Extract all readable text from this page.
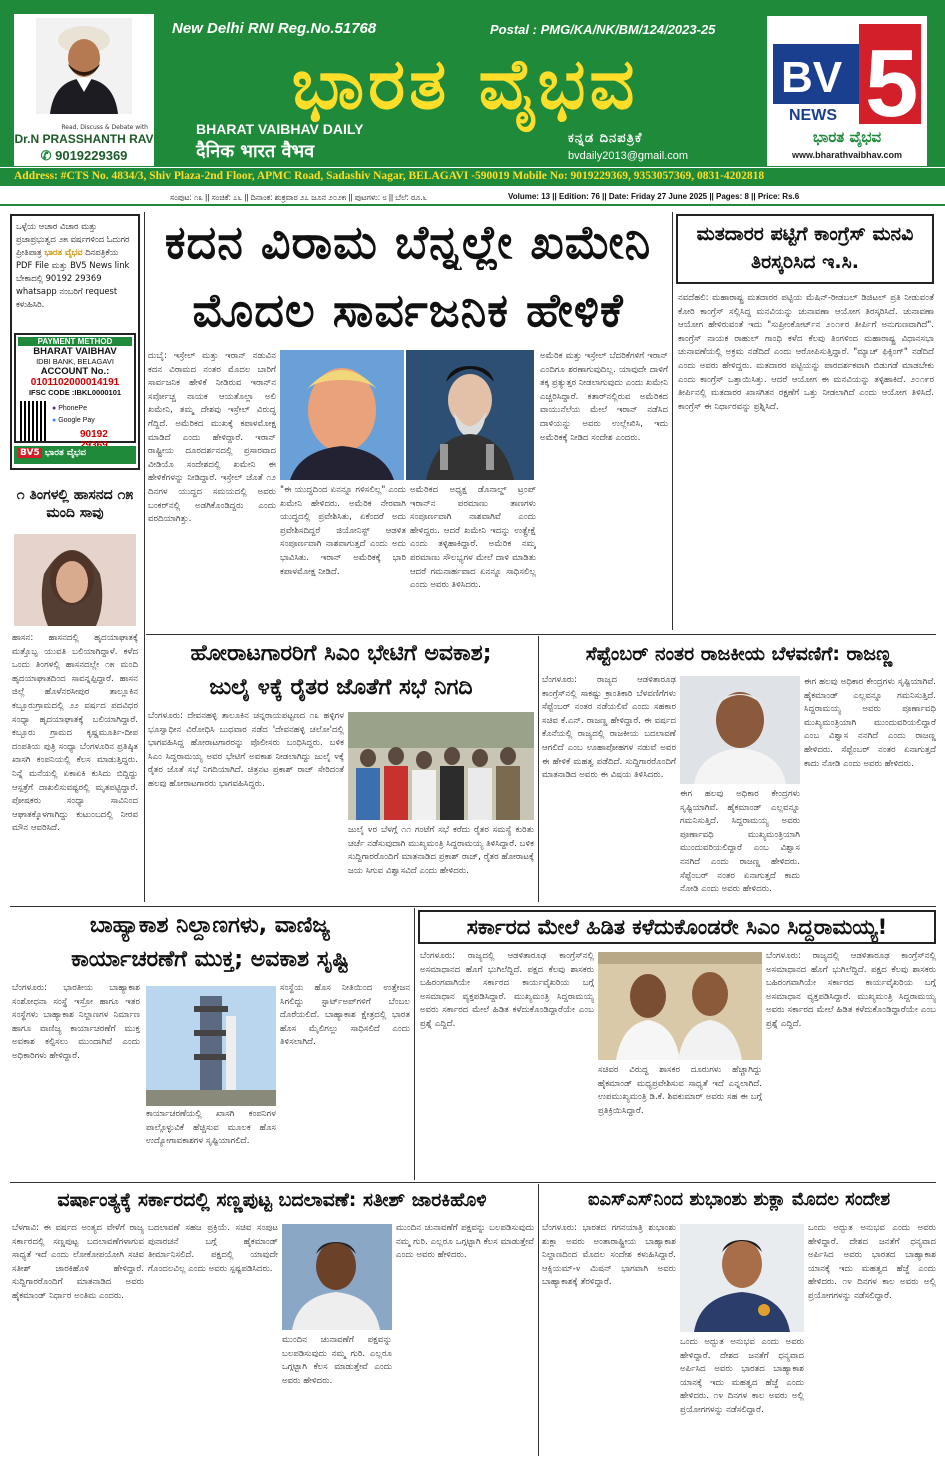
Read, Discuss & Debate with
Dr.N PRASSHANTH RAV
✆ 9019229369
New Delhi RNI Reg.No.51768	Postal : PMG/KA/NK/BM/124/2023-25
ಭಾರತ ವೈಭವ
BHARAT VAIBHAV DAILY
दैनिक भारत वैभव
ಕನ್ನಡ ದಿನಪತ್ರಿಕೆ
bvdaily2013@gmail.com
BV 5
NEWS
ಭಾರತ ವೈಭವ
www.bharathvaibhav.com
Address: #CTS No. 4834/3, Shiv Plaza-2nd Floor, APMC Road, Sadashiv Nagar, BELAGAVI -590019 Mobile No: 9019229369, 9353057369, 0831-4202818
ಸಂಪುಟ: ೧೩ || ಸಂಚಿಕೆ: ೭೬ || ದಿನಾಂಕ: ಶುಕ್ರವಾರ ೨೭ ಜೂನ ೨೦೨೫ || ಪುಟಗಳು: ೮ || ಬೆಲೆ: ರೂ.೬	Volume: 13 || Edition: 76 || Date: Friday 27 June 2025 || Pages: 8 || Price: Rs.6
ಒಳ್ಳೆಯ ಆಚಾರ ವಿಚಾರ ಮತ್ತು ಪ್ರಜಾಪ್ರಭುತ್ವದ ೨೫ ವರ್ಷಗಳಿಂದ ಓದುಗರ ಪ್ರೀತಿಪಾತ್ರ ಭಾರತ ವೈಭವ ದಿನಪತ್ರಿಕೆಯ PDF File ಮತ್ತು BV5 News link ಬೇಕಾದಲ್ಲಿ 90192 29369 whatsapp ನಂಬರಿಗೆ request ಕಳುಹಿಸಿರಿ.
PAYMENT METHOD
BHARAT VAIBHAV
IDBI BANK, BELAGAVI
ACCOUNT No.:
0101102000014191
IFSC CODE :IBKL0000101
● PhonePe
● Google Pay
90192
BV5 ಭಾರತ ವೈಭವ
೧ ತಿಂಗಳಲ್ಲಿ ಹಾಸನದ ೧೫ ಮಂದಿ ಸಾವು
ಹಾಸನ: ಹಾಸನದಲ್ಲಿ ಹೃದಯಾಘಾತಕ್ಕೆ ಮತ್ತೊಬ್ಬ ಯುವತಿ ಬಲಿಯಾಗಿದ್ದಾಳೆ. ಕಳೆದ ಒಂದು ತಿಂಗಳಲ್ಲಿ ಹಾಸನದಲ್ಲೇ ೧೫ ಮಂದಿ ಹೃದಯಾಘಾತದಿಂದ ಸಾವನ್ನಪ್ಪಿದ್ದಾರೆ. ಹಾಸನ ಜಿಲ್ಲೆ ಹೊಳೆನರಸೀಪುರ ತಾಲ್ಲೂಕಿನ ಕಬ್ಬೂರುಗ್ರಾಮದಲ್ಲಿ ೨೨ ವರ್ಷದ ಪದವಿಧರ ಸಂಧ್ಯಾ ಹೃದಯಾಘಾತಕ್ಕೆ ಬಲಿಯಾಗಿದ್ದಾರೆ. ಕಬ್ಬೂರು ಗ್ರಾಮದ ಕೃಷ್ಣಮೂರ್ತಿ-ದೀಪ ದಂಪತಿಯ ಪುತ್ರಿ ಸಂಧ್ಯಾ ಬೆಂಗಳೂರಿನ ಪ್ರತಿಷ್ಠಿತ ಖಾಸಗಿ ಕಂಪನಿಯಲ್ಲಿ ಕೆಲಸ ಮಾಡುತ್ತಿದ್ದರು. ನಿನ್ನೆ ಮನೆಯಲ್ಲಿ ಏಕಾಏಕಿ ಕುಸಿದು ಬಿದ್ದಿದ್ದು ಆಸ್ಪತ್ರೆಗೆ ದಾಖಲಿಸುವಷ್ಟರಲ್ಲಿ ಮೃತಪಟ್ಟಿದ್ದಾರೆ. ಪೋಷಕರು ಸಂಧ್ಯಾ ಸಾವಿನಿಂದ ಆಘಾತಕ್ಕೊಳಗಾಗಿದ್ದು ಕುಟುಂಬದಲ್ಲಿ ನೀರವ ಮೌನ ಆವರಿಸಿದೆ.
ಕದನ ವಿರಾಮ ಬೆನ್ನಲ್ಲೇ ಖಮೇನಿ
ಮೊದಲ ಸಾರ್ವಜನಿಕ ಹೇಳಿಕೆ
ದುಬೈ: ಇಸ್ರೇಲ್ ಮತ್ತು ಇರಾನ್ ನಡುವಿನ ಕದನ ವಿರಾಮದ ನಂತರ ಮೊದಲ ಬಾರಿಗೆ ಸಾರ್ವಜನಿಕ ಹೇಳಿಕೆ ನೀಡಿರುವ ಇರಾನ್‌ನ ಸರ್ವೋಚ್ಚ ನಾಯಕ ಆಯತೊಲ್ಲಾ ಅಲಿ ಖಮೇನಿ, ತಮ್ಮ ದೇಶವು ಇಸ್ರೇಲ್ ವಿರುದ್ಧ ಗೆದ್ದಿದೆ. ಅಮೆರಿಕದ ಮುಖಕ್ಕೆ ಕಪಾಳಮೋಕ್ಷ ಮಾಡಿದೆ ಎಂದು ಹೇಳಿದ್ದಾರೆ. ಇರಾನ್ ರಾಷ್ಟ್ರೀಯ ದೂರದರ್ಶನದಲ್ಲಿ ಪ್ರಸಾರವಾದ ವೀಡಿಯೊ ಸಂದೇಶದಲ್ಲಿ ಖಮೇನಿ ಈ ಹೇಳಿಕೆಗಳನ್ನು ನೀಡಿದ್ದಾರೆ. ಇಸ್ರೇಲ್ ಜೊತೆ ೧೨ ದಿನಗಳ ಯುದ್ಧದ ಸಮಯದಲ್ಲಿ ಅವರು ಬಂಕರ್‌ನಲ್ಲಿ ಅಡಗಿಕೊಂಡಿದ್ದರು ಎಂದು ವರದಿಯಾಗಿತ್ತು.
"ಈ ಯುದ್ಧದಿಂದ ಏನನ್ನೂ ಗಳಿಸಲಿಲ್ಲ" ಎಂದು ಖಮೇನಿ ಹೇಳಿದರು. ಅಮೆರಿಕ ನೇರವಾಗಿ ಯುದ್ಧದಲ್ಲಿ ಪ್ರವೇಶಿಸಿತು, ಏಕೆಂದರೆ ಅದು ಪ್ರವೇಶಿಸದಿದ್ದರೆ ಜಿಯೋನಿಸ್ಟ್ ಆಡಳಿತ ಸಂಪೂರ್ಣವಾಗಿ ನಾಶವಾಗುತ್ತದೆ ಎಂದು ಅದು ಭಾವಿಸಿತು. ಇರಾನ್ ಅಮೆರಿಕಕ್ಕೆ ಭಾರಿ ಕಪಾಳಮೋಕ್ಷ ನೀಡಿದೆ.
ಅಮೆರಿಕದ ಅಧ್ಯಕ್ಷ ಡೊನಾಲ್ಡ್ ಟ್ರಂಪ್ ಇರಾನ್‌ನ ಪರಮಾಣು ತಾಣಗಳು ಸಂಪೂರ್ಣವಾಗಿ ನಾಶವಾಗಿವೆ ಎಂದು ಹೇಳಿದ್ದರು. ಆದರೆ ಖಮೇನಿ ಇದನ್ನು ಉತ್ಪ್ರೇಕ್ಷೆ ಎಂದು ತಳ್ಳಿಹಾಕಿದ್ದಾರೆ. ಅಮೆರಿಕ ನಮ್ಮ ಪರಮಾಣು ಸೌಲಭ್ಯಗಳ ಮೇಲೆ ದಾಳಿ ಮಾಡಿತು ಆದರೆ ಗಮನಾರ್ಹವಾದ ಏನನ್ನೂ ಸಾಧಿಸಲಿಲ್ಲ ಎಂದು ಅವರು ತಿಳಿಸಿದರು.
ಅಮೆರಿಕ ಮತ್ತು ಇಸ್ರೇಲ್ ಬೆದರಿಕೆಗಳಿಗೆ ಇರಾನ್ ಎಂದಿಗೂ ಶರಣಾಗುವುದಿಲ್ಲ. ಯಾವುದೇ ದಾಳಿಗೆ ತಕ್ಕ ಪ್ರತ್ಯುತ್ತರ ನೀಡಲಾಗುವುದು ಎಂದು ಖಮೇನಿ ಎಚ್ಚರಿಸಿದ್ದಾರೆ. ಕತಾರ್‌ನಲ್ಲಿರುವ ಅಮೆರಿಕದ ವಾಯುನೆಲೆಯ ಮೇಲೆ ಇರಾನ್ ನಡೆಸಿದ ದಾಳಿಯನ್ನು ಅವರು ಉಲ್ಲೇಖಿಸಿ, ಇದು ಅಮೆರಿಕಕ್ಕೆ ನೀಡಿದ ಸಂದೇಶ ಎಂದರು.
ಮತದಾರರ ಪಟ್ಟಿಗೆ ಕಾಂಗ್ರೆಸ್ ಮನವಿ ತಿರಸ್ಕರಿಸಿದ ಇ.ಸಿ.
ನವದೆಹಲಿ: ಮಹಾರಾಷ್ಟ್ರ ಮತದಾರರ ಪಟ್ಟಿಯ ಮೆಷಿನ್-ರೀಡಬಲ್ ಡಿಜಿಟಲ್ ಪ್ರತಿ ನೀಡುವಂತೆ ಕೋರಿ ಕಾಂಗ್ರೆಸ್ ಸಲ್ಲಿಸಿದ್ದ ಮನವಿಯನ್ನು ಚುನಾವಣಾ ಆಯೋಗ ತಿರಸ್ಕರಿಸಿದೆ. ಚುನಾವಣಾ ಆಯೋಗ ಹೇಳಿರುವಂತೆ ಇದು "ಸುಪ್ರೀಂಕೋರ್ಟ್‌ನ ೨೦೧೯ರ ತೀರ್ಪಿಗೆ ಅನುಗುಣವಾಗಿದೆ". ಕಾಂಗ್ರೆಸ್ ನಾಯಕ ರಾಹುಲ್ ಗಾಂಧಿ ಕಳೆದ ಕೆಲವು ತಿಂಗಳಿಂದ ಮಹಾರಾಷ್ಟ್ರ ವಿಧಾನಸಭಾ ಚುನಾವಣೆಯಲ್ಲಿ ಅಕ್ರಮ ನಡೆದಿದೆ ಎಂದು ಆರೋಪಿಸುತ್ತಿದ್ದಾರೆ. "ಮ್ಯಾಚ್ ಫಿಕ್ಸಿಂಗ್" ನಡೆದಿದೆ ಎಂದು ಅವರು ಹೇಳಿದ್ದರು. ಮತದಾರರ ಪಟ್ಟಿಯನ್ನು ಪಾರದರ್ಶಕವಾಗಿ ಬಿಡುಗಡೆ ಮಾಡಬೇಕು ಎಂದು ಕಾಂಗ್ರೆಸ್ ಒತ್ತಾಯಿಸಿತ್ತು. ಆದರೆ ಆಯೋಗ ಈ ಮನವಿಯನ್ನು ತಳ್ಳಿಹಾಕಿದೆ. ೨೦೧೯ರ ತೀರ್ಪಿನಲ್ಲಿ ಮತದಾರರ ಖಾಸಗಿತನ ರಕ್ಷಣೆಗೆ ಒತ್ತು ನೀಡಲಾಗಿದೆ ಎಂದು ಆಯೋಗ ತಿಳಿಸಿದೆ. ಕಾಂಗ್ರೆಸ್ ಈ ನಿರ್ಧಾರವನ್ನು ಪ್ರಶ್ನಿಸಿದೆ.
ಹೋರಾಟಗಾರರಿಗೆ ಸಿಎಂ ಭೇಟಿಗೆ ಅವಕಾಶ;
ಜುಲೈ ೪ಕ್ಕೆ ರೈತರ ಜೊತೆಗೆ ಸಭೆ ನಿಗದಿ
ಬೆಂಗಳೂರು: ದೇವನಹಳ್ಳಿ ತಾಲೂಕಿನ ಚನ್ನರಾಯಪಟ್ಟಣದ ೧೩ ಹಳ್ಳಿಗಳ ಭೂಸ್ವಾಧೀನ ವಿರೋಧಿಸಿ ಬುಧವಾರ ನಡೆದ 'ದೇವನಹಳ್ಳಿ ಚಲೋ'ದಲ್ಲಿ ಭಾಗವಹಿಸಿದ್ದ ಹೋರಾಟಗಾರರನ್ನು ಪೊಲೀಸರು ಬಂಧಿಸಿದ್ದರು. ಬಳಿಕ ಸಿಎಂ ಸಿದ್ದರಾಮಯ್ಯ ಅವರ ಭೇಟಿಗೆ ಅವಕಾಶ ನೀಡಲಾಗಿದ್ದು ಜುಲೈ ೪ಕ್ಕೆ ರೈತರ ಜೊತೆ ಸಭೆ ನಿಗದಿಯಾಗಿದೆ. ಚಿತ್ರನಟ ಪ್ರಕಾಶ್ ರಾಜ್ ಸೇರಿದಂತೆ ಹಲವು ಹೋರಾಟಗಾರರು ಭಾಗವಹಿಸಿದ್ದರು.
ಜುಲೈ ೪ರ ಬೆಳಗ್ಗೆ ೧೧ ಗಂಟೆಗೆ ಸಭೆ ಕರೆದು ರೈತರ ಸಮಸ್ಯೆ ಕುರಿತು ಚರ್ಚೆ ನಡೆಸುವುದಾಗಿ ಮುಖ್ಯಮಂತ್ರಿ ಸಿದ್ದರಾಮಯ್ಯ ತಿಳಿಸಿದ್ದಾರೆ. ಬಳಿಕ ಸುದ್ದಿಗಾರರೊಂದಿಗೆ ಮಾತನಾಡಿದ ಪ್ರಕಾಶ್ ರಾಜ್, ರೈತರ ಹೋರಾಟಕ್ಕೆ ಜಯ ಸಿಗುವ ವಿಶ್ವಾಸವಿದೆ ಎಂದು ಹೇಳಿದರು.
ಸೆಪ್ಟೆಂಬರ್ ನಂತರ ರಾಜಕೀಯ ಬೆಳವಣಿಗೆ: ರಾಜಣ್ಣ
ಬೆಂಗಳೂರು: ರಾಜ್ಯದ ಆಡಳಿತಾರೂಢ ಕಾಂಗ್ರೆಸ್‌ನಲ್ಲಿ ಸಾಕಷ್ಟು ಕ್ರಾಂತಿಕಾರಿ ಬೆಳವಣಿಗೆಗಳು ಸೆಪ್ಟೆಂಬರ್ ನಂತರ ನಡೆಯಲಿವೆ ಎಂದು ಸಹಕಾರ ಸಚಿವ ಕೆ.ಎನ್. ರಾಜಣ್ಣ ಹೇಳಿದ್ದಾರೆ. ಈ ವರ್ಷದ ಕೊನೆಯಲ್ಲಿ ರಾಜ್ಯದಲ್ಲಿ ರಾಜಕೀಯ ಬದಲಾವಣೆ ಆಗಲಿದೆ ಎಂಬ ಊಹಾಪೋಹಗಳ ನಡುವೆ ಅವರ ಈ ಹೇಳಿಕೆ ಮಹತ್ವ ಪಡೆದಿದೆ. ಸುದ್ದಿಗಾರರೊಂದಿಗೆ ಮಾತನಾಡಿದ ಅವರು ಈ ವಿಷಯ ತಿಳಿಸಿದರು.
ಈಗ ಹಲವು ಅಧಿಕಾರ ಕೇಂದ್ರಗಳು ಸೃಷ್ಟಿಯಾಗಿವೆ. ಹೈಕಮಾಂಡ್ ಎಲ್ಲವನ್ನೂ ಗಮನಿಸುತ್ತಿದೆ. ಸಿದ್ದರಾಮಯ್ಯ ಅವರು ಪೂರ್ಣಾವಧಿ ಮುಖ್ಯಮಂತ್ರಿಯಾಗಿ ಮುಂದುವರಿಯಲಿದ್ದಾರೆ ಎಂಬ ವಿಶ್ವಾಸ ನನಗಿದೆ ಎಂದು ರಾಜಣ್ಣ ಹೇಳಿದರು. ಸೆಪ್ಟೆಂಬರ್ ನಂತರ ಏನಾಗುತ್ತದೆ ಕಾದು ನೋಡಿ ಎಂದು ಅವರು ಹೇಳಿದರು.
ಈಗ ಹಲವು ಅಧಿಕಾರ ಕೇಂದ್ರಗಳು ಸೃಷ್ಟಿಯಾಗಿವೆ. ಹೈಕಮಾಂಡ್ ಎಲ್ಲವನ್ನೂ ಗಮನಿಸುತ್ತಿದೆ. ಸಿದ್ದರಾಮಯ್ಯ ಅವರು ಪೂರ್ಣಾವಧಿ ಮುಖ್ಯಮಂತ್ರಿಯಾಗಿ ಮುಂದುವರಿಯಲಿದ್ದಾರೆ ಎಂಬ ವಿಶ್ವಾಸ ನನಗಿದೆ ಎಂದು ರಾಜಣ್ಣ ಹೇಳಿದರು. ಸೆಪ್ಟೆಂಬರ್ ನಂತರ ಏನಾಗುತ್ತದೆ ಕಾದು ನೋಡಿ ಎಂದು ಅವರು ಹೇಳಿದರು.
ಬಾಹ್ಯಾಕಾಶ ನಿಲ್ದಾಣಗಳು, ವಾಣಿಜ್ಯ
ಕಾರ್ಯಾಚರಣೆಗೆ ಮುಕ್ತ; ಅವಕಾಶ ಸೃಷ್ಟಿ
ಬೆಂಗಳೂರು: ಭಾರತೀಯ ಬಾಹ್ಯಾಕಾಶ ಸಂಶೋಧನಾ ಸಂಸ್ಥೆ ಇಸ್ರೋ ಹಾಗೂ ಇತರ ಸಂಸ್ಥೆಗಳು ಬಾಹ್ಯಾಕಾಶ ನಿಲ್ದಾಣಗಳ ನಿರ್ಮಾಣ ಹಾಗೂ ವಾಣಿಜ್ಯ ಕಾರ್ಯಾಚರಣೆಗೆ ಮುಕ್ತ ಅವಕಾಶ ಕಲ್ಪಿಸಲು ಮುಂದಾಗಿವೆ ಎಂದು ಅಧಿಕಾರಿಗಳು ಹೇಳಿದ್ದಾರೆ.
ಕಾರ್ಯಾಚರಣೆಯಲ್ಲಿ ಖಾಸಗಿ ಕಂಪನಿಗಳ ಪಾಲ್ಗೊಳ್ಳುವಿಕೆ ಹೆಚ್ಚಿಸುವ ಮೂಲಕ ಹೊಸ ಉದ್ಯೋಗಾವಕಾಶಗಳ ಸೃಷ್ಟಿಯಾಗಲಿದೆ.
ಸಂಸ್ಥೆಯ ಹೊಸ ನೀತಿಯಿಂದ ಉತ್ತೇಜನ ಸಿಗಲಿದ್ದು ಸ್ಟಾರ್ಟ್‌ಅಪ್‌ಗಳಿಗೆ ಬೆಂಬಲ ದೊರೆಯಲಿದೆ. ಬಾಹ್ಯಾಕಾಶ ಕ್ಷೇತ್ರದಲ್ಲಿ ಭಾರತ ಹೊಸ ಮೈಲಿಗಲ್ಲು ಸಾಧಿಸಲಿದೆ ಎಂದು ತಿಳಿಸಲಾಗಿದೆ.
ಸರ್ಕಾರದ ಮೇಲೆ ಹಿಡಿತ ಕಳೆದುಕೊಂಡರೇ ಸಿಎಂ ಸಿದ್ದರಾಮಯ್ಯ!
ಬೆಂಗಳೂರು: ರಾಜ್ಯದಲ್ಲಿ ಆಡಳಿತಾರೂಢ ಕಾಂಗ್ರೆಸ್‌ನಲ್ಲಿ ಅಸಮಾಧಾನದ ಹೊಗೆ ಭುಗಿಲೆದ್ದಿದೆ. ಪಕ್ಷದ ಕೆಲವು ಶಾಸಕರು ಬಹಿರಂಗವಾಗಿಯೇ ಸರ್ಕಾರದ ಕಾರ್ಯವೈಖರಿಯ ಬಗ್ಗೆ ಅಸಮಾಧಾನ ವ್ಯಕ್ತಪಡಿಸಿದ್ದಾರೆ. ಮುಖ್ಯಮಂತ್ರಿ ಸಿದ್ದರಾಮಯ್ಯ ಅವರು ಸರ್ಕಾರದ ಮೇಲೆ ಹಿಡಿತ ಕಳೆದುಕೊಂಡಿದ್ದಾರೆಯೇ ಎಂಬ ಪ್ರಶ್ನೆ ಎದ್ದಿದೆ.
ಸಚಿವರ ವಿರುದ್ಧ ಶಾಸಕರ ದೂರುಗಳು ಹೆಚ್ಚಾಗಿದ್ದು ಹೈಕಮಾಂಡ್ ಮಧ್ಯಪ್ರವೇಶಿಸುವ ಸಾಧ್ಯತೆ ಇದೆ ಎನ್ನಲಾಗಿದೆ. ಉಪಮುಖ್ಯಮಂತ್ರಿ ಡಿ.ಕೆ. ಶಿವಕುಮಾರ್ ಅವರು ಸಹ ಈ ಬಗ್ಗೆ ಪ್ರತಿಕ್ರಿಯಿಸಿದ್ದಾರೆ.
ಬೆಂಗಳೂರು: ರಾಜ್ಯದಲ್ಲಿ ಆಡಳಿತಾರೂಢ ಕಾಂಗ್ರೆಸ್‌ನಲ್ಲಿ ಅಸಮಾಧಾನದ ಹೊಗೆ ಭುಗಿಲೆದ್ದಿದೆ. ಪಕ್ಷದ ಕೆಲವು ಶಾಸಕರು ಬಹಿರಂಗವಾಗಿಯೇ ಸರ್ಕಾರದ ಕಾರ್ಯವೈಖರಿಯ ಬಗ್ಗೆ ಅಸಮಾಧಾನ ವ್ಯಕ್ತಪಡಿಸಿದ್ದಾರೆ. ಮುಖ್ಯಮಂತ್ರಿ ಸಿದ್ದರಾಮಯ್ಯ ಅವರು ಸರ್ಕಾರದ ಮೇಲೆ ಹಿಡಿತ ಕಳೆದುಕೊಂಡಿದ್ದಾರೆಯೇ ಎಂಬ ಪ್ರಶ್ನೆ ಎದ್ದಿದೆ.
ವರ್ಷಾಂತ್ಯಕ್ಕೆ ಸರ್ಕಾರದಲ್ಲಿ ಸಣ್ಣಪುಟ್ಟ ಬದಲಾವಣೆ: ಸತೀಶ್ ಜಾರಕಿಹೊಳಿ
ಬೆಳಗಾವಿ: ಈ ವರ್ಷದ ಅಂತ್ಯದ ವೇಳೆಗೆ ರಾಜ್ಯ ಸರ್ಕಾರದಲ್ಲಿ ಸಣ್ಣಪುಟ್ಟ ಬದಲಾವಣೆಗಳಾಗುವ ಸಾಧ್ಯತೆ ಇದೆ ಎಂದು ಲೋಕೋಪಯೋಗಿ ಸಚಿವ ಸತೀಶ್ ಜಾರಕಿಹೊಳಿ ಹೇಳಿದ್ದಾರೆ. ಸುದ್ದಿಗಾರರೊಂದಿಗೆ ಮಾತನಾಡಿದ ಅವರು ಹೈಕಮಾಂಡ್ ನಿರ್ಧಾರ ಅಂತಿಮ ಎಂದರು.
ಬದಲಾವಣೆ ಸಹಜ ಪ್ರಕ್ರಿಯೆ. ಸಚಿವ ಸಂಪುಟ ಪುನಾರಚನೆ ಬಗ್ಗೆ ಹೈಕಮಾಂಡ್ ತೀರ್ಮಾನಿಸಲಿದೆ. ಪಕ್ಷದಲ್ಲಿ ಯಾವುದೇ ಗೊಂದಲವಿಲ್ಲ ಎಂದು ಅವರು ಸ್ಪಷ್ಟಪಡಿಸಿದರು.
ಮುಂದಿನ ಚುನಾವಣೆಗೆ ಪಕ್ಷವನ್ನು ಬಲಪಡಿಸುವುದು ನಮ್ಮ ಗುರಿ. ಎಲ್ಲರೂ ಒಗ್ಗಟ್ಟಾಗಿ ಕೆಲಸ ಮಾಡುತ್ತೇವೆ ಎಂದು ಅವರು ಹೇಳಿದರು.
ಮುಂದಿನ ಚುನಾವಣೆಗೆ ಪಕ್ಷವನ್ನು ಬಲಪಡಿಸುವುದು ನಮ್ಮ ಗುರಿ. ಎಲ್ಲರೂ ಒಗ್ಗಟ್ಟಾಗಿ ಕೆಲಸ ಮಾಡುತ್ತೇವೆ ಎಂದು ಅವರು ಹೇಳಿದರು.
ಐಎಸ್‌ಎಸ್‌ನಿಂದ ಶುಭಾಂಶು ಶುಕ್ಲಾ ಮೊದಲ ಸಂದೇಶ
ಬೆಂಗಳೂರು: ಭಾರತದ ಗಗನಯಾತ್ರಿ ಶುಭಾಂಶು ಶುಕ್ಲಾ ಅವರು ಅಂತಾರಾಷ್ಟ್ರೀಯ ಬಾಹ್ಯಾಕಾಶ ನಿಲ್ದಾಣದಿಂದ ಮೊದಲ ಸಂದೇಶ ಕಳುಹಿಸಿದ್ದಾರೆ. ಆಕ್ಸಿಯಮ್-೪ ಮಿಷನ್ ಭಾಗವಾಗಿ ಅವರು ಬಾಹ್ಯಾಕಾಶಕ್ಕೆ ತೆರಳಿದ್ದಾರೆ.
ಒಂದು ಅದ್ಭುತ ಅನುಭವ ಎಂದು ಅವರು ಹೇಳಿದ್ದಾರೆ. ದೇಶದ ಜನತೆಗೆ ಧನ್ಯವಾದ ಅರ್ಪಿಸಿದ ಅವರು ಭಾರತದ ಬಾಹ್ಯಾಕಾಶ ಯಾನಕ್ಕೆ ಇದು ಮಹತ್ವದ ಹೆಜ್ಜೆ ಎಂದು ಹೇಳಿದರು. ೧೪ ದಿನಗಳ ಕಾಲ ಅವರು ಅಲ್ಲಿ ಪ್ರಯೋಗಗಳನ್ನು ನಡೆಸಲಿದ್ದಾರೆ.
ಒಂದು ಅದ್ಭುತ ಅನುಭವ ಎಂದು ಅವರು ಹೇಳಿದ್ದಾರೆ. ದೇಶದ ಜನತೆಗೆ ಧನ್ಯವಾದ ಅರ್ಪಿಸಿದ ಅವರು ಭಾರತದ ಬಾಹ್ಯಾಕಾಶ ಯಾನಕ್ಕೆ ಇದು ಮಹತ್ವದ ಹೆಜ್ಜೆ ಎಂದು ಹೇಳಿದರು. ೧೪ ದಿನಗಳ ಕಾಲ ಅವರು ಅಲ್ಲಿ ಪ್ರಯೋಗಗಳನ್ನು ನಡೆಸಲಿದ್ದಾರೆ.
